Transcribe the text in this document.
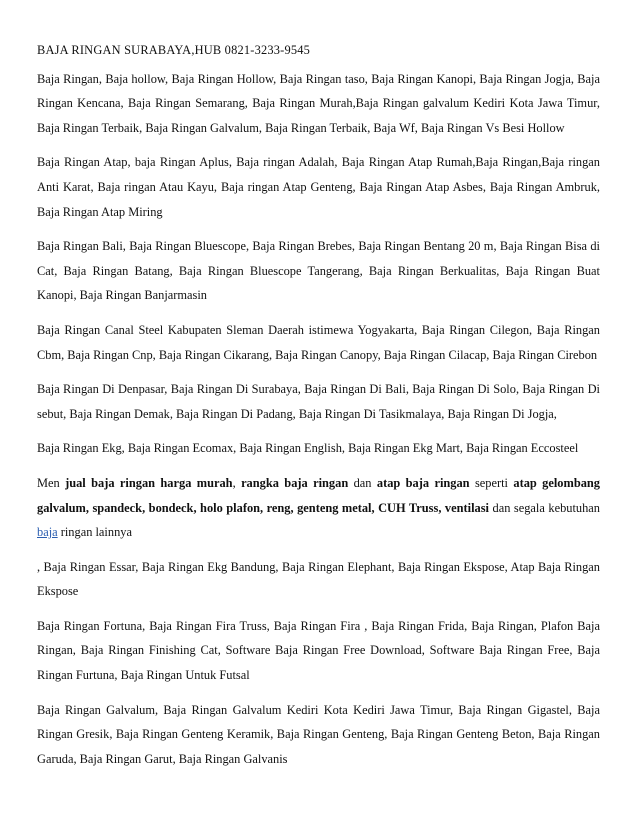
BAJA RINGAN SURABAYA,HUB 0821-3233-9545

Baja Ringan, Baja hollow, Baja Ringan Hollow, Baja Ringan taso, Baja Ringan Kanopi, Baja Ringan Jogja, Baja Ringan Kencana, Baja Ringan Semarang, Baja Ringan Murah,Baja Ringan galvalum Kediri Kota Jawa Timur, Baja Ringan Terbaik, Baja Ringan Galvalum, Baja Ringan Terbaik, Baja Wf, Baja Ringan Vs Besi Hollow

Baja Ringan Atap, baja Ringan Aplus, Baja ringan Adalah, Baja Ringan Atap Rumah,Baja Ringan,Baja ringan Anti Karat, Baja ringan Atau Kayu, Baja ringan Atap Genteng, Baja Ringan Atap Asbes, Baja Ringan Ambruk, Baja Ringan Atap Miring

Baja Ringan Bali, Baja Ringan Bluescope, Baja Ringan Brebes, Baja Ringan Bentang 20 m, Baja Ringan Bisa di Cat, Baja Ringan Batang, Baja Ringan Bluescope Tangerang, Baja Ringan Berkualitas, Baja Ringan Buat Kanopi, Baja Ringan Banjarmasin

Baja Ringan Canal Steel Kabupaten Sleman Daerah istimewa Yogyakarta, Baja Ringan Cilegon, Baja Ringan Cbm, Baja Ringan Cnp, Baja Ringan Cikarang, Baja Ringan Canopy, Baja Ringan Cilacap, Baja Ringan Cirebon

Baja Ringan Di Denpasar, Baja Ringan Di Surabaya, Baja Ringan Di Bali, Baja Ringan Di Solo, Baja Ringan Di sebut, Baja Ringan Demak, Baja Ringan Di Padang, Baja Ringan Di Tasikmalaya, Baja Ringan Di Jogja,

Baja Ringan Ekg, Baja Ringan Ecomax, Baja Ringan English, Baja Ringan Ekg Mart, Baja Ringan Eccosteel

Men jual baja ringan harga murah, rangka baja ringan dan atap baja ringan seperti atap gelombang galvalum, spandeck, bondeck, holo plafon, reng, genteng metal, CUH Truss, ventilasi dan segala kebutuhan baja ringan lainnya

, Baja Ringan Essar, Baja Ringan Ekg Bandung, Baja Ringan Elephant, Baja Ringan Ekspose, Atap Baja Ringan Ekspose

Baja Ringan Fortuna, Baja Ringan Fira Truss, Baja Ringan Fira , Baja Ringan Frida, Baja Ringan, Plafon Baja Ringan, Baja Ringan Finishing Cat, Software Baja Ringan Free Download, Software Baja Ringan Free, Baja Ringan Furtuna, Baja Ringan Untuk Futsal

Baja Ringan Galvalum, Baja Ringan Galvalum Kediri Kota Kediri Jawa Timur, Baja Ringan Gigastel, Baja Ringan Gresik, Baja Ringan Genteng Keramik, Baja Ringan Genteng, Baja Ringan Genteng Beton, Baja Ringan Garuda, Baja Ringan Garut, Baja Ringan Galvanis
